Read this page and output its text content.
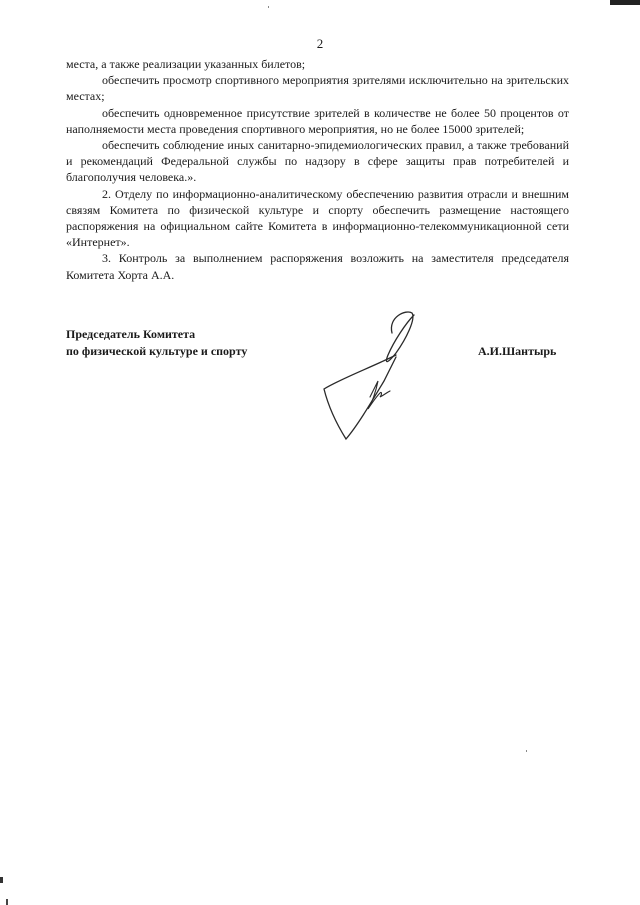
2

места, а также реализации указанных билетов;

обеспечить просмотр спортивного мероприятия зрителями исключительно на зрительских местах;

обеспечить одновременное присутствие зрителей в количестве не более 50 процентов от наполняемости места проведения спортивного мероприятия, но не более 15000 зрителей;

обеспечить соблюдение иных санитарно-эпидемиологических правил, а также требований и рекомендаций Федеральной службы по надзору в сфере защиты прав потребителей и благополучия человека.».

2. Отделу по информационно-аналитическому обеспечению развития отрасли и внешним связям Комитета по физической культуре и спорту обеспечить размещение настоящего распоряжения на официальном сайте Комитета в информационно-телекоммуникационной сети «Интернет».

3. Контроль за выполнением распоряжения возложить на заместителя председателя Комитета Хорта А.А.

Председатель Комитета
по физической культуре и спорту	А.И.Шантырь
